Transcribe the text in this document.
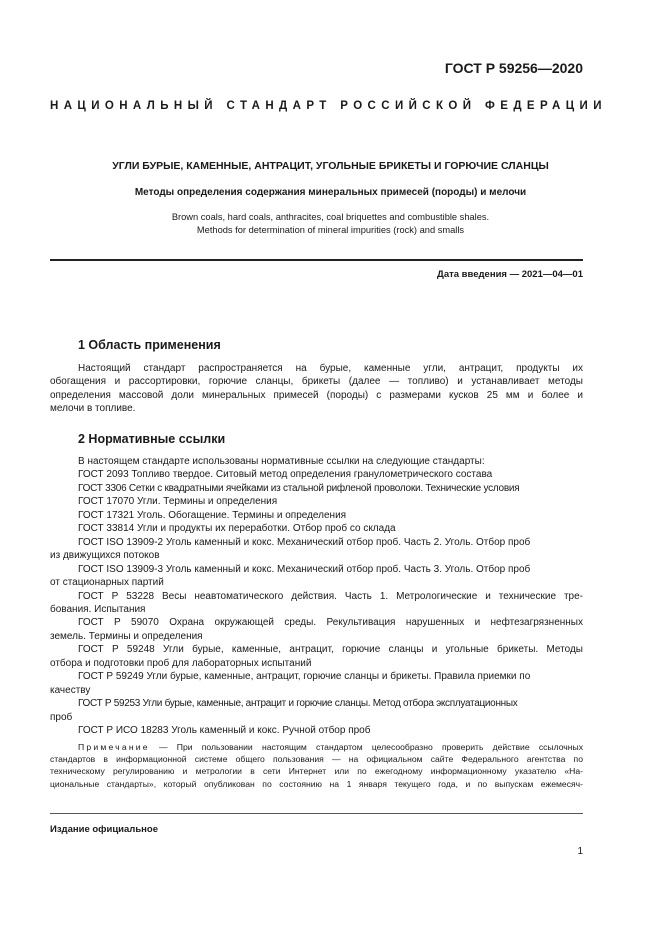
ГОСТ Р 59256—2020
НАЦИОНАЛЬНЫЙ СТАНДАРТ РОССИЙСКОЙ ФЕДЕРАЦИИ
УГЛИ БУРЫЕ, КАМЕННЫЕ, АНТРАЦИТ, УГОЛЬНЫЕ БРИКЕТЫ И ГОРЮЧИЕ СЛАНЦЫ
Методы определения содержания минеральных примесей (породы) и мелочи
Brown coals, hard coals, anthracites, coal briquettes and combustible shales.
Methods for determination of mineral impurities (rock) and smalls
Дата введения — 2021—04—01
1 Область применения
Настоящий стандарт распространяется на бурые, каменные угли, антрацит, продукты их
обогащения и рассортировки, горючие сланцы, брикеты (далее — топливо) и устанавливает методы
определения массовой доли минеральных примесей (породы) с размерами кусков 25 мм и более и
мелочи в топливе.
2 Нормативные ссылки
В настоящем стандарте использованы нормативные ссылки на следующие стандарты:
ГОСТ 2093 Топливо твердое. Ситовый метод определения гранулометрического состава
ГОСТ 3306 Сетки с квадратными ячейками из стальной рифленой проволоки. Технические условия
ГОСТ 17070 Угли. Термины и определения
ГОСТ 17321 Уголь. Обогащение. Термины и определения
ГОСТ 33814 Угли и продукты их переработки. Отбор проб со склада
ГОСТ ISO 13909-2 Уголь каменный и кокс. Механический отбор проб. Часть 2. Уголь. Отбор проб
из движущихся потоков
ГОСТ ISO 13909-3 Уголь каменный и кокс. Механический отбор проб. Часть 3. Уголь. Отбор проб
от стационарных партий
ГОСТ Р 53228 Весы неавтоматического действия. Часть 1. Метрологические и технические тре-
бования. Испытания
ГОСТ Р 59070 Охрана окружающей среды. Рекультивация нарушенных и нефтезагрязненных
земель. Термины и определения
ГОСТ Р 59248 Угли бурые, каменные, антрацит, горючие сланцы и угольные брикеты. Методы
отбора и подготовки проб для лабораторных испытаний
ГОСТ Р 59249 Угли бурые, каменные, антрацит, горючие сланцы и брикеты. Правила приемки по
качеству
ГОСТ Р 59253 Угли бурые, каменные, антрацит и горючие сланцы. Метод отбора эксплуатационных
проб
ГОСТ Р ИСО 18283 Уголь каменный и кокс. Ручной отбор проб
Примечание — При пользовании настоящим стандартом целесообразно проверить действие ссылочных
стандартов в информационной системе общего пользования — на официальном сайте Федерального агентства по
техническому регулированию и метрологии в сети Интернет или по ежегодному информационному указателю «На-
циональные стандарты», который опубликован по состоянию на 1 января текущего года, и по выпускам ежемесяч-
Издание официальное
1
